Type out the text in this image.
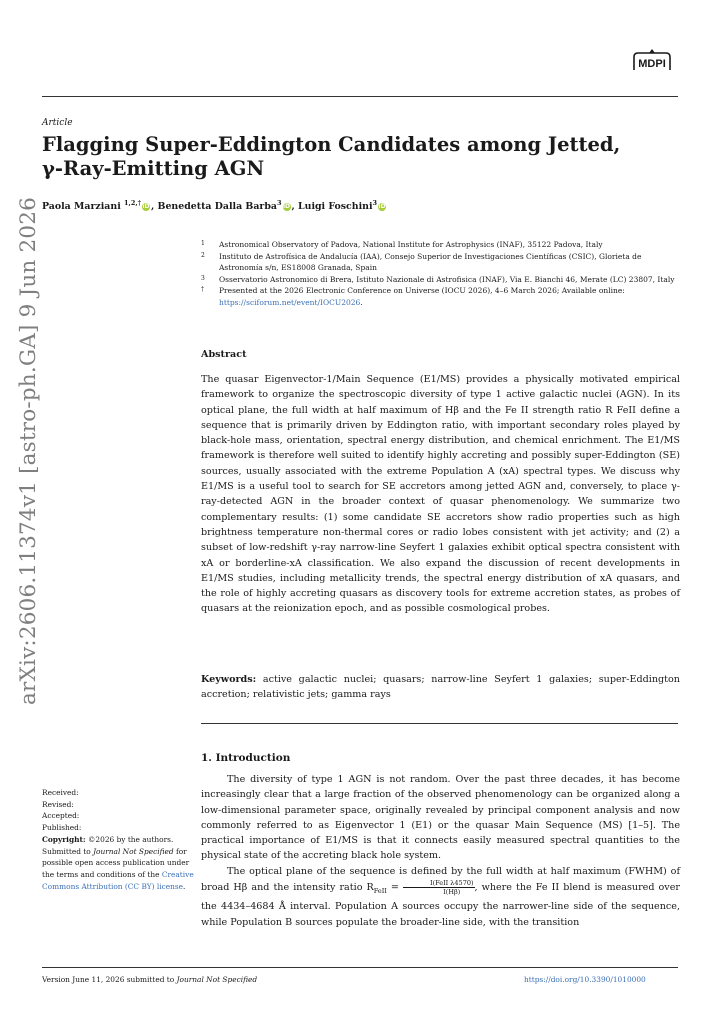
MDPI
Article
Flagging Super-Eddington Candidates among Jetted,
γ-Ray-Emitting AGN
Paola Marziani $^{1,2,\dagger}$iD, Benedetta Dalla Barba$^3$iD, Luigi Foschini$^3$iD
arXiv:2606.11374v1 [astro-ph.GA] 9 Jun 2026	1 Astronomical Observatory of Padova, National Institute for Astrophysics (INAF), 35122 Padova, Italy
2 Instituto de Astrofísica de Andalucía (IAA), Consejo Superior de Investigaciones Científicas (CSIC), Glorieta de Astronomía s/n, ES18008 Granada, Spain
3 Osservatorio Astronomico di Brera, Istituto Nazionale di Astrofisica (INAF), Via E. Bianchi 46, Merate (LC) 23807, Italy
† Presented at the 2026 Electronic Conference on Universe (IOCU 2026), 4–6 March 2026; Available online: https://sciforum.net/event/IOCU2026.
Abstract
The quasar Eigenvector-1/Main Sequence (E1/MS) provides a physically motivated empirical framework to organize the spectroscopic diversity of type 1 active galactic nuclei (AGN). In its optical plane, the full width at half maximum of Hβ and the Fe II strength ratio R FeII define a sequence that is primarily driven by Eddington ratio, with important secondary roles played by black-hole mass, orientation, spectral energy distribution, and chemical enrichment. The E1/MS framework is therefore well suited to identify highly accreting and possibly super-Eddington (SE) sources, usually associated with the extreme Population A (xA) spectral types. We discuss why E1/MS is a useful tool to search for SE accretors among jetted AGN and, conversely, to place γ-ray-detected AGN in the broader context of quasar phenomenology. We summarize two complementary results: (1) some candidate SE accretors show radio properties such as high brightness temperature non-thermal cores or radio lobes consistent with jet activity; and (2) a subset of low-redshift γ-ray narrow-line Seyfert 1 galaxies exhibit optical spectra consistent with xA or borderline-xA classification. We also expand the discussion of recent developments in E1/MS studies, including metallicity trends, the spectral energy distribution of xA quasars, and the role of highly accreting quasars as discovery tools for extreme accretion states, as probes of quasars at the reionization epoch, and as possible cosmological probes.
Keywords: active galactic nuclei; quasars; narrow-line Seyfert 1 galaxies; super-Eddington accretion; relativistic jets; gamma rays
1. Introduction

The diversity of type 1 AGN is not random. Over the past three decades, it has become increasingly clear that a large fraction of the observed phenomenology can be organized along a low-dimensional parameter space, originally revealed by principal component analysis and now commonly referred to as Eigenvector 1 (E1) or the quasar Main Sequence (MS) [1–5]. The practical importance of E1/MS is that it connects easily measured spectral quantities to the physical state of the accreting black hole system.

The optical plane of the sequence is defined by the full width at half maximum (FWHM) of broad Hβ and the intensity ratio $R_{FeII} = \frac{\text{I(FeII λ4570)}}{I(H\beta)}$ , where the Fe II blend is measured over the 4434–4684 Å interval. Population A sources occupy the narrower-line side of the sequence, while Population B sources populate the broader-line side, with the transition

Received:
Revised:
Accepted:
Published:
Copyright: ©2026 by the authors. Submitted to Journal Not Specified for possible open access publication under the terms and conditions of the Creative Commons Attribution (CC BY) license.
Version June 11, 2026 submitted to Journal Not Specified	https://doi.org/10.3390/1010000
